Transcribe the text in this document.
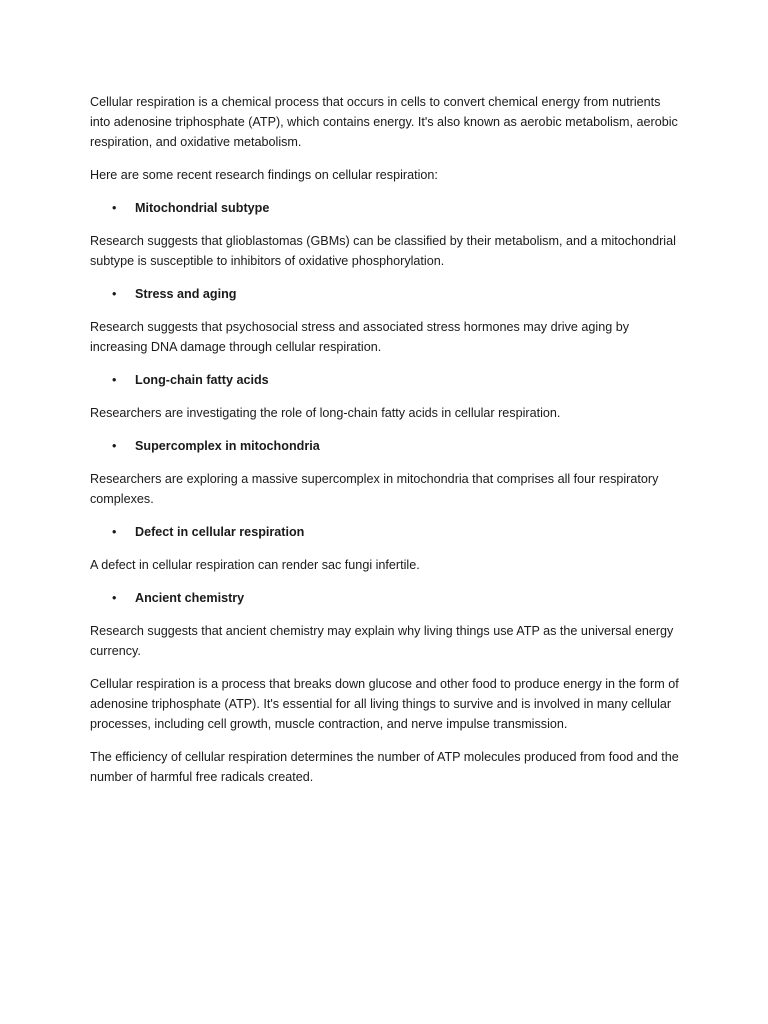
Cellular respiration is a chemical process that occurs in cells to convert chemical energy from nutrients into adenosine triphosphate (ATP), which contains energy. It's also known as aerobic metabolism, aerobic respiration, and oxidative metabolism.

Here are some recent research findings on cellular respiration:

• Mitochondrial subtype

Research suggests that glioblastomas (GBMs) can be classified by their metabolism, and a mitochondrial subtype is susceptible to inhibitors of oxidative phosphorylation.

• Stress and aging

Research suggests that psychosocial stress and associated stress hormones may drive aging by increasing DNA damage through cellular respiration.

• Long-chain fatty acids

Researchers are investigating the role of long-chain fatty acids in cellular respiration.

• Supercomplex in mitochondria

Researchers are exploring a massive supercomplex in mitochondria that comprises all four respiratory complexes.

• Defect in cellular respiration

A defect in cellular respiration can render sac fungi infertile.

• Ancient chemistry

Research suggests that ancient chemistry may explain why living things use ATP as the universal energy currency.

Cellular respiration is a process that breaks down glucose and other food to produce energy in the form of adenosine triphosphate (ATP). It's essential for all living things to survive and is involved in many cellular processes, including cell growth, muscle contraction, and nerve impulse transmission.

The efficiency of cellular respiration determines the number of ATP molecules produced from food and the number of harmful free radicals created.
